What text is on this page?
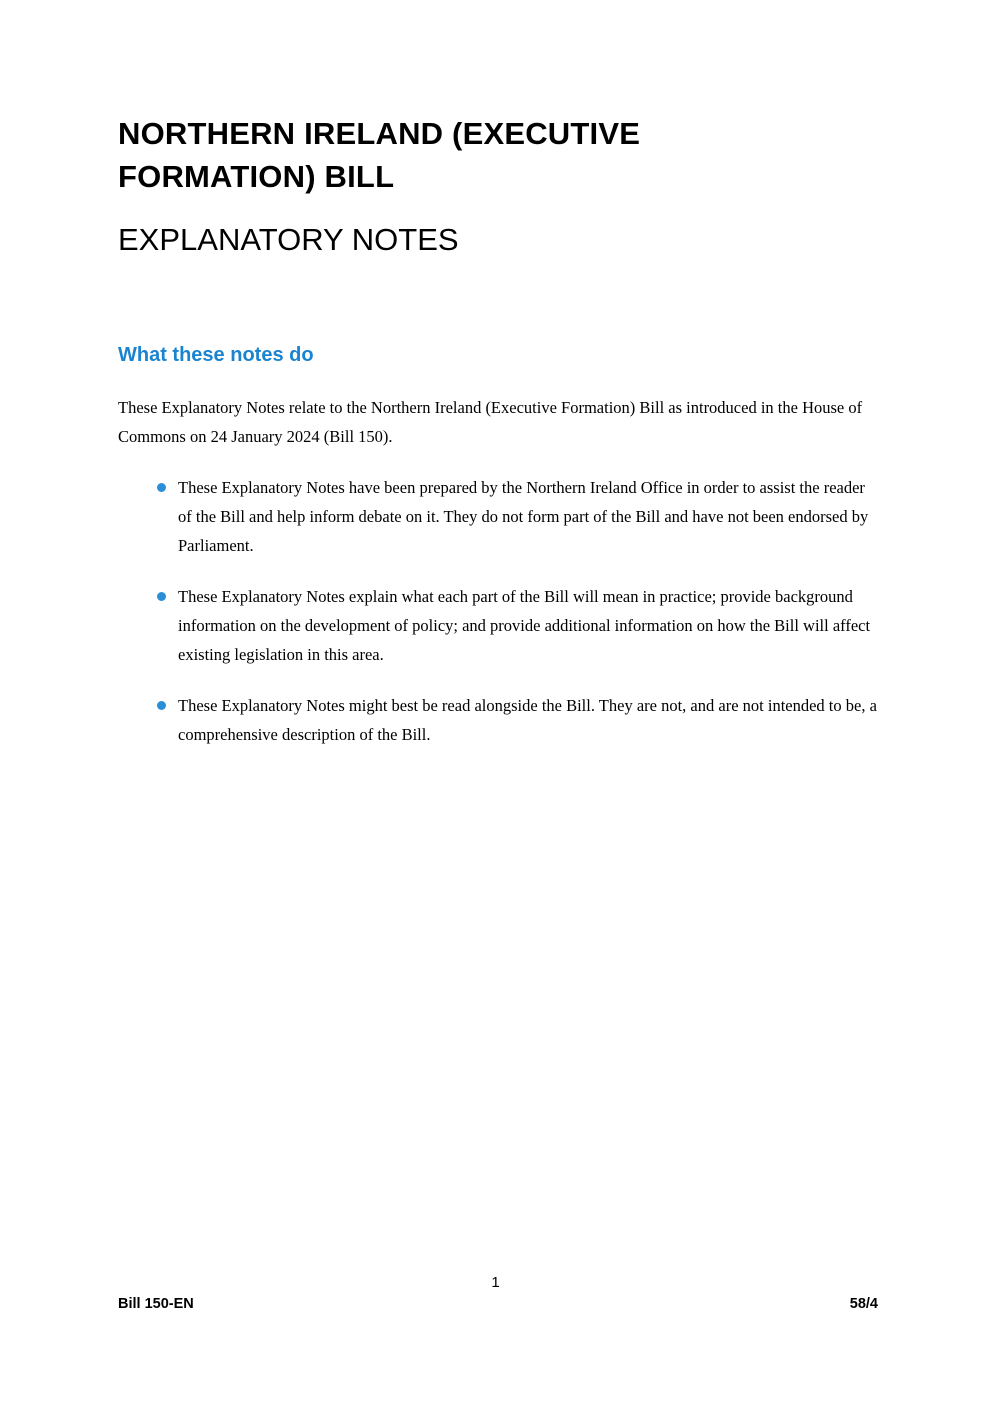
NORTHERN IRELAND (EXECUTIVE FORMATION) BILL
EXPLANATORY NOTES
What these notes do

These Explanatory Notes relate to the Northern Ireland (Executive Formation) Bill as introduced in the House of Commons on 24 January 2024 (Bill 150).

These Explanatory Notes have been prepared by the Northern Ireland Office in order to assist the reader of the Bill and help inform debate on it. They do not form part of the Bill and have not been endorsed by Parliament.
These Explanatory Notes explain what each part of the Bill will mean in practice; provide background information on the development of policy; and provide additional information on how the Bill will affect existing legislation in this area.
These Explanatory Notes might best be read alongside the Bill. They are not, and are not intended to be, a comprehensive description of the Bill.
1
Bill 150-EN	58/4
